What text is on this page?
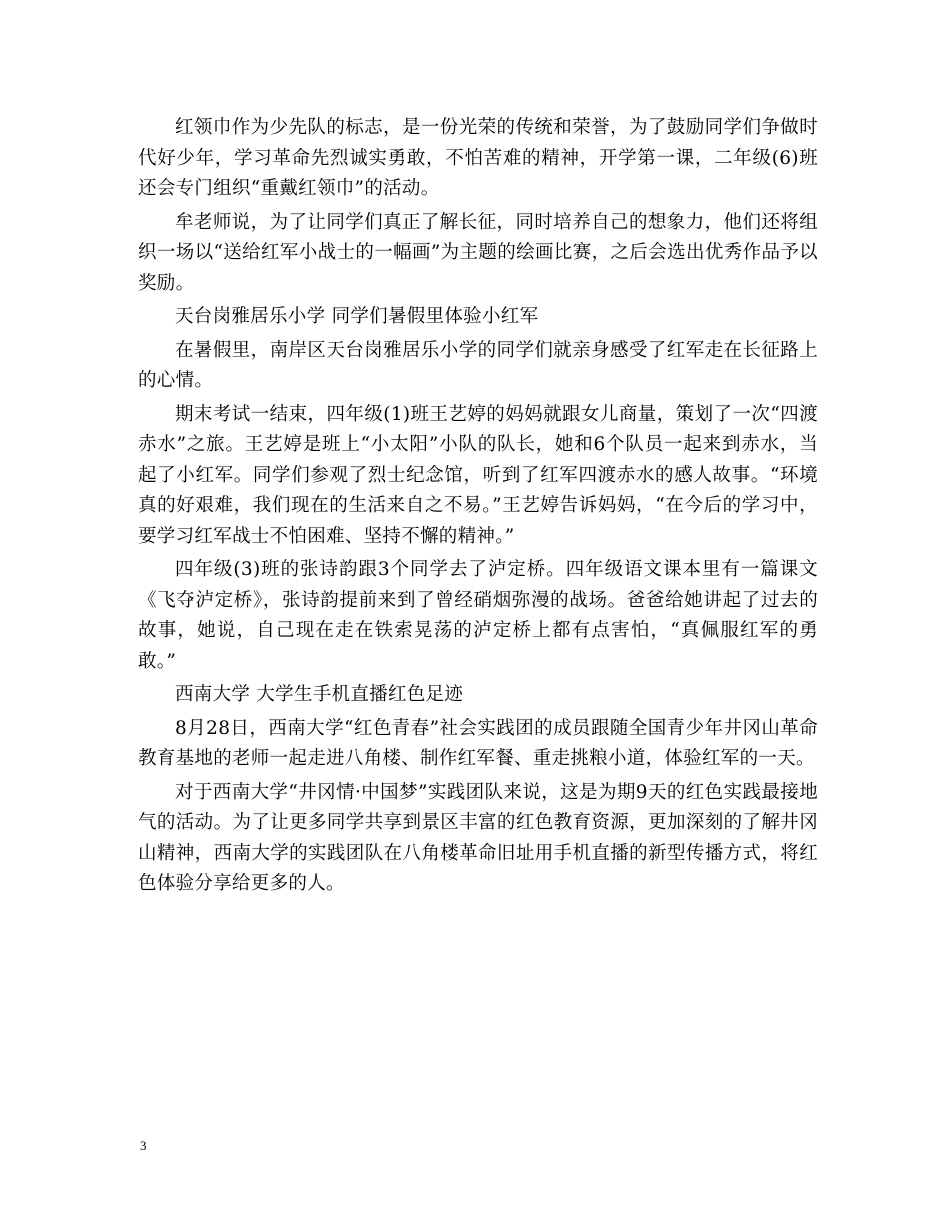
红领巾作为少先队的标志，是一份光荣的传统和荣誉，为了鼓励同学们争做时代好少年，学习革命先烈诚实勇敢，不怕苦难的精神，开学第一课，二年级(6)班还会专门组织“重戴红领巾”的活动。

牟老师说，为了让同学们真正了解长征，同时培养自己的想象力，他们还将组织一场以“送给红军小战士的一幅画”为主题的绘画比赛，之后会选出优秀作品予以奖励。

天台岗雅居乐小学 同学们暑假里体验小红军

在暑假里，南岸区天台岗雅居乐小学的同学们就亲身感受了红军走在长征路上的心情。

期末考试一结束，四年级(1)班王艺婷的妈妈就跟女儿商量，策划了一次“四渡赤水”之旅。王艺婷是班上“小太阳”小队的队长，她和6个队员一起来到赤水，当起了小红军。同学们参观了烈士纪念馆，听到了红军四渡赤水的感人故事。“环境真的好艰难，我们现在的生活来自之不易。”王艺婷告诉妈妈，“在今后的学习中，要学习红军战士不怕困难、坚持不懈的精神。”

四年级(3)班的张诗韵跟3个同学去了泸定桥。四年级语文课本里有一篇课文《飞夺泸定桥》，张诗韵提前来到了曾经硝烟弥漫的战场。爸爸给她讲起了过去的故事，她说，自己现在走在铁索晃荡的泸定桥上都有点害怕，“真佩服红军的勇敢。”

西南大学 大学生手机直播红色足迹

8月28日，西南大学“红色青春”社会实践团的成员跟随全国青少年井冈山革命教育基地的老师一起走进八角楼、制作红军餐、重走挑粮小道，体验红军的一天。

对于西南大学“井冈情·中国梦”实践团队来说，这是为期9天的红色实践最接地气的活动。为了让更多同学共享到景区丰富的红色教育资源，更加深刻的了解井冈山精神，西南大学的实践团队在八角楼革命旧址用手机直播的新型传播方式，将红色体验分享给更多的人。

3
